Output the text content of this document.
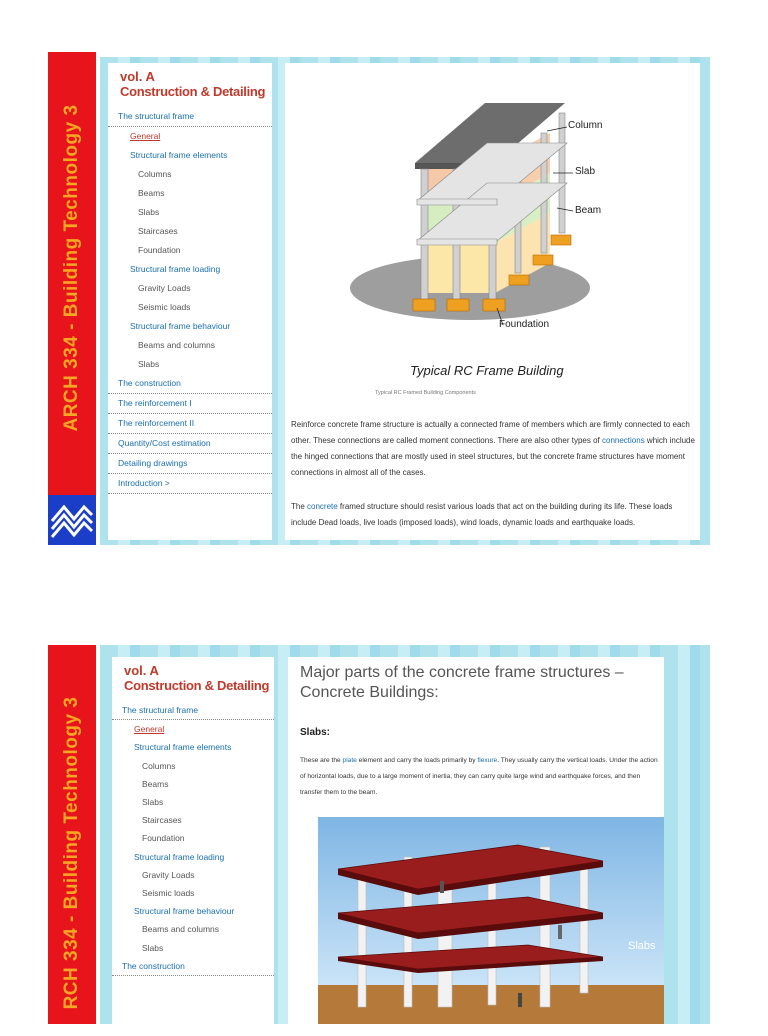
ARCH 334 - Building Technology 3
vol. A
Construction & Detailing
The structural frame
General
Structural frame elements
Columns
Beams
Slabs
Staircases
Foundation
Structural frame loading
Gravity Loads
Seismic loads
Structural frame behaviour
Beams and columns
Slabs
The construction
The reinforcement I
The reinforcement II
Quantity/Cost estimation
Detailing drawings
Introduction >
Column
Slab
Beam
Foundation
Typical RC Frame Building
Typical RC Framed Building Components
Reinforce concrete frame structure is actually a connected frame of members which are firmly connected to each other. These connections are called moment connections. There are also other types of connections which include the hinged connections that are mostly used in steel structures, but the concrete frame structures have moment connections in almost all of the cases.
The concrete framed structure should resist various loads that act on the building during its life. These loads include Dead loads, live loads (imposed loads), wind loads, dynamic loads and earthquake loads.
RCH 334 - Building Technology 3
vol. A
Construction & Detailing
The structural frame
General
Structural frame elements
Columns
Beams
Slabs
Staircases
Foundation
Structural frame loading
Gravity Loads
Seismic loads
Structural frame behaviour
Beams and columns
Slabs
The construction
Major parts of the concrete frame structures – Concrete Buildings:
Slabs:
These are the plate element and carry the loads primarily by flexure. They usually carry the vertical loads. Under the action of horizontal loads, due to a large moment of inertia, they can carry quite large wind and earthquake forces, and then transfer them to the beam.
Slabs
